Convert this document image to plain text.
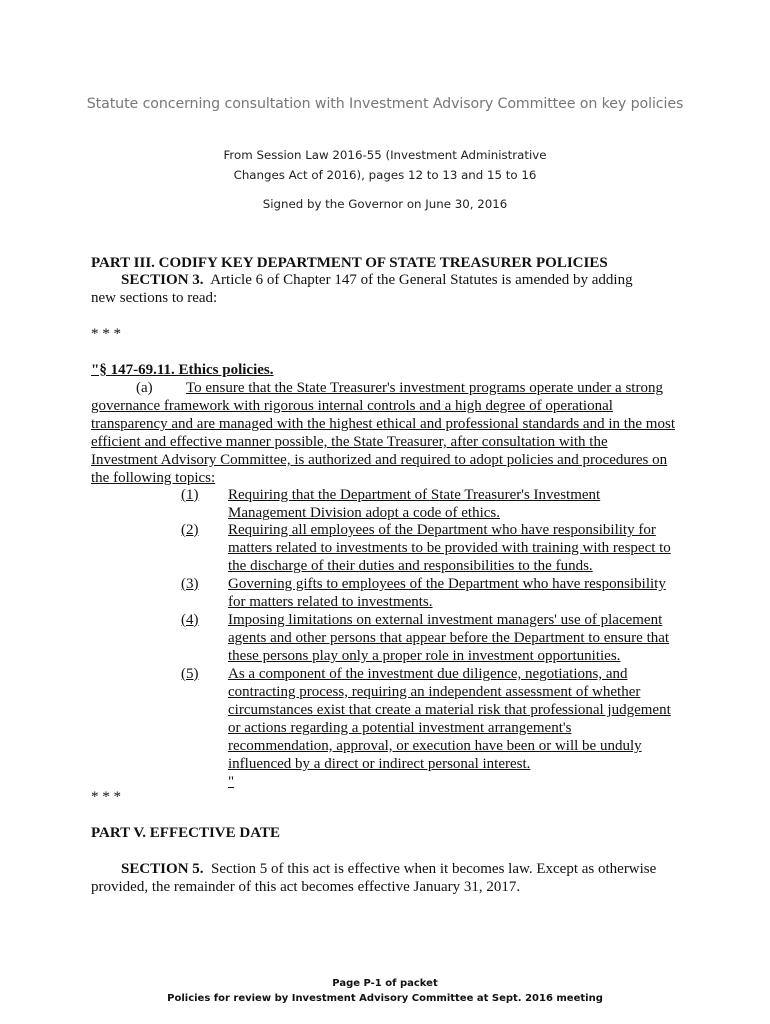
Statute concerning consultation with Investment Advisory Committee on key policies
From Session Law 2016-55 (Investment Administrative
Changes Act of 2016), pages 12 to 13 and 15 to 16
Signed by the Governor on June 30, 2016
PART III. CODIFY KEY DEPARTMENT OF STATE TREASURER POLICIES
SECTION 3.  Article 6 of Chapter 147 of the General Statutes is amended by adding
new sections to read:
* * *
"§ 147-69.11. Ethics policies.
(a) To ensure that the State Treasurer's investment programs operate under a strong
governance framework with rigorous internal controls and a high degree of operational
transparency and are managed with the highest ethical and professional standards and in the most
efficient and effective manner possible, the State Treasurer, after consultation with the
Investment Advisory Committee, is authorized and required to adopt policies and procedures on
the following topics:
(1) Requiring that the Department of State Treasurer's Investment
Management Division adopt a code of ethics.
(2) Requiring all employees of the Department who have responsibility for
matters related to investments to be provided with training with respect to
the discharge of their duties and responsibilities to the funds.
(3) Governing gifts to employees of the Department who have responsibility
for matters related to investments.
(4) Imposing limitations on external investment managers' use of placement
agents and other persons that appear before the Department to ensure that
these persons play only a proper role in investment opportunities.
(5) As a component of the investment due diligence, negotiations, and
contracting process, requiring an independent assessment of whether
circumstances exist that create a material risk that professional judgement
or actions regarding a potential investment arrangement's
recommendation, approval, or execution have been or will be unduly
influenced by a direct or indirect personal interest.
"
* * *
PART V. EFFECTIVE DATE
SECTION 5.  Section 5 of this act is effective when it becomes law. Except as otherwise
provided, the remainder of this act becomes effective January 31, 2017.
Page P-1 of packet
Policies for review by Investment Advisory Committee at Sept. 2016 meeting
